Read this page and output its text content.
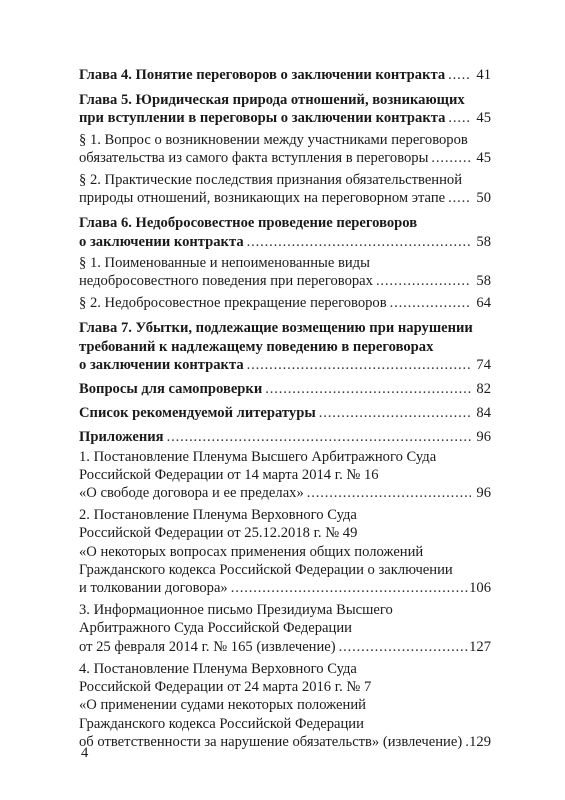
Глава 4. Понятие переговоров о заключении контракта . . .	41
Глава 5. Юридическая природа отношений, возникающих
при вступлении в переговоры о заключении контракта . . .	45
§ 1. Вопрос о возникновении между участниками переговоров
обязательства из самого факта вступления в переговоры . . .	45
§ 2. Практические последствия признания обязательственной
природы отношений, возникающих на переговорном этапе . . .	50
Глава 6. Недобросовестное проведение переговоров
о заключении контракта . . .	58
§ 1. Поименованные и непоименованные виды
недобросовестного поведения при переговорах . . .	58
§ 2. Недобросовестное прекращение переговоров . . .	64
Глава 7. Убытки, подлежащие возмещению при нарушении
требований к надлежащему поведению в переговорах
о заключении контракта . . .	74
Вопросы для самопроверки . . .	82
Список рекомендуемой литературы . . .	84
Приложения . . .	96
1. Постановление Пленума Высшего Арбитражного Суда
Российской Федерации от 14 марта 2014 г. № 16
«О свободе договора и ее пределах» . . .	96
2. Постановление Пленума Верховного Суда
Российской Федерации от 25.12.2018 г. № 49
«О некоторых вопросах применения общих положений
Гражданского кодекса Российской Федерации о заключении
и толковании договора» . . .	106
3. Информационное письмо Президиума Высшего
Арбитражного Суда Российской Федерации
от 25 февраля 2014 г. № 165 (извлечение) . . .	127
4. Постановление Пленума Верховного Суда
Российской Федерации от 24 марта 2016 г. № 7
«О применении судами некоторых положений
Гражданского кодекса Российской Федерации
об ответственности за нарушение обязательств» (извлечение) . . . 129
4
